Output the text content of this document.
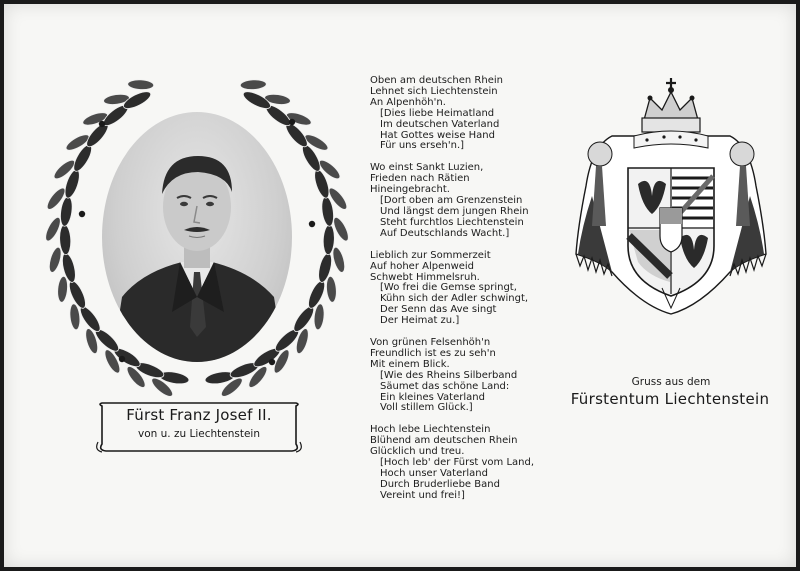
Fürst Franz Josef II.
von u. zu Liechtenstein
Oben am deutschen Rhein
Lehnet sich Liechtenstein
An Alpenhöh'n.
[Dies liebe Heimatland
Im deutschen Vaterland
Hat Gottes weise Hand
Für uns erseh'n.]
Wo einst Sankt Luzien,
Frieden nach Rätien
Hineingebracht.
[Dort oben am Grenzenstein
Und längst dem jungen Rhein
Steht furchtlos Liechtenstein
Auf Deutschlands Wacht.]
Lieblich zur Sommerzeit
Auf hoher Alpenweid
Schwebt Himmelsruh.
[Wo frei die Gemse springt,
Kühn sich der Adler schwingt,
Der Senn das Ave singt
Der Heimat zu.]
Von grünen Felsenhöh'n
Freundlich ist es zu seh'n
Mit einem Blick.
[Wie des Rheins Silberband
Säumet das schöne Land:
Ein kleines Vaterland
Voll stillem Glück.]
Hoch lebe Liechtenstein
Blühend am deutschen Rhein
Glücklich und treu.
[Hoch leb' der Fürst vom Land,
Hoch unser Vaterland
Durch Bruderliebe Band
Vereint und frei!]
Gruss aus dem
Fürstentum Liechtenstein
